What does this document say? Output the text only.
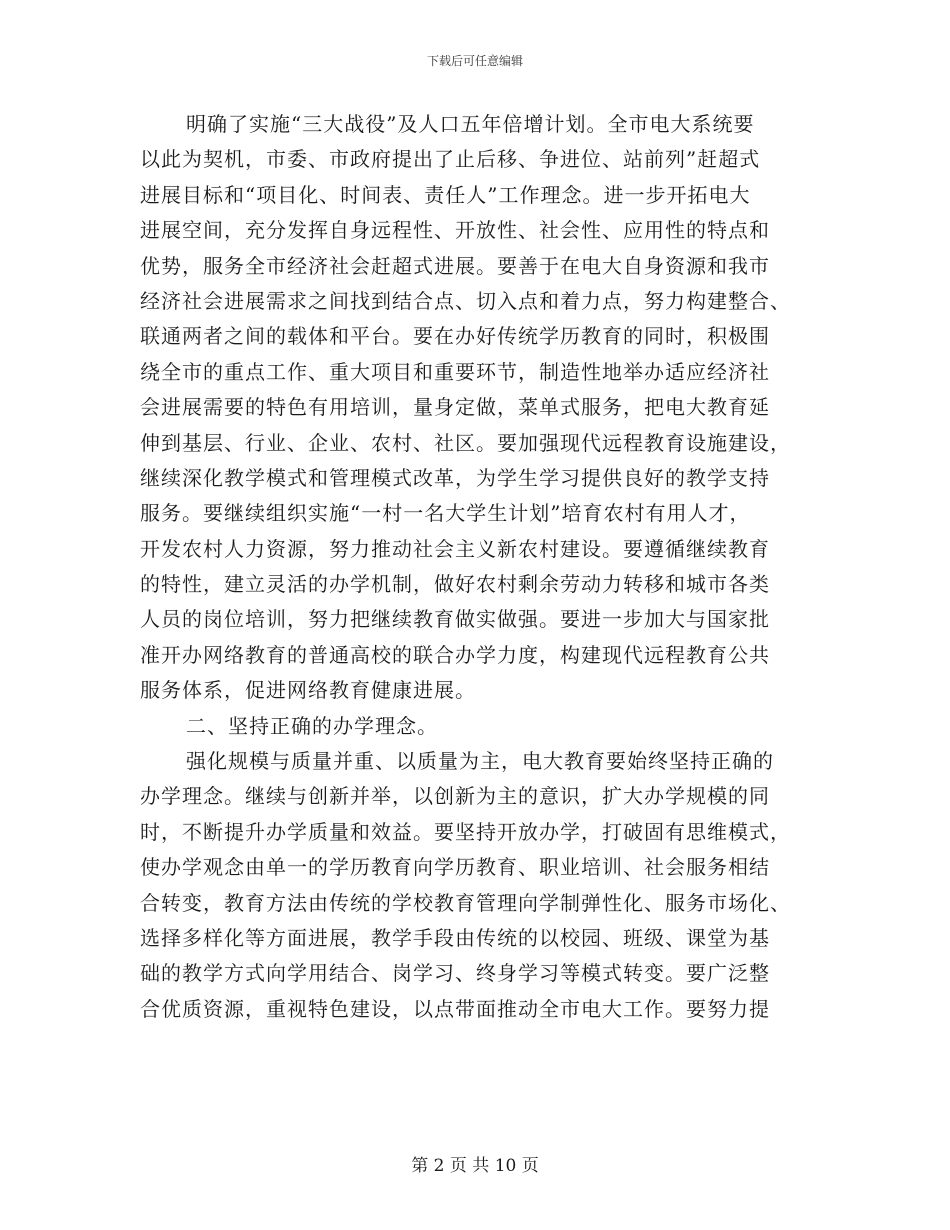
下载后可任意编辑
明确了实施“三大战役”及人口五年倍增计划。全市电大系统要
以此为契机，市委、市政府提出了止后移、争进位、站前列”赶超式
进展目标和“项目化、时间表、责任人”工作理念。进一步开拓电大
进展空间，充分发挥自身远程性、开放性、社会性、应用性的特点和
优势，服务全市经济社会赶超式进展。要善于在电大自身资源和我市
经济社会进展需求之间找到结合点、切入点和着力点，努力构建整合、
联通两者之间的载体和平台。要在办好传统学历教育的同时，积极围
绕全市的重点工作、重大项目和重要环节，制造性地举办适应经济社
会进展需要的特色有用培训，量身定做，菜单式服务，把电大教育延
伸到基层、行业、企业、农村、社区。要加强现代远程教育设施建设，
继续深化教学模式和管理模式改革，为学生学习提供良好的教学支持
服务。要继续组织实施“一村一名大学生计划”培育农村有用人才，
开发农村人力资源，努力推动社会主义新农村建设。要遵循继续教育
的特性，建立灵活的办学机制，做好农村剩余劳动力转移和城市各类
人员的岗位培训，努力把继续教育做实做强。要进一步加大与国家批
准开办网络教育的普通高校的联合办学力度，构建现代远程教育公共
服务体系，促进网络教育健康进展。
二、坚持正确的办学理念。
强化规模与质量并重、以质量为主，电大教育要始终坚持正确的
办学理念。继续与创新并举，以创新为主的意识，扩大办学规模的同
时，不断提升办学质量和效益。要坚持开放办学，打破固有思维模式，
使办学观念由单一的学历教育向学历教育、职业培训、社会服务相结
合转变，教育方法由传统的学校教育管理向学制弹性化、服务市场化、
选择多样化等方面进展，教学手段由传统的以校园、班级、课堂为基
础的教学方式向学用结合、岗学习、终身学习等模式转变。要广泛整
合优质资源，重视特色建设，以点带面推动全市电大工作。要努力提
第 2 页 共 10 页
